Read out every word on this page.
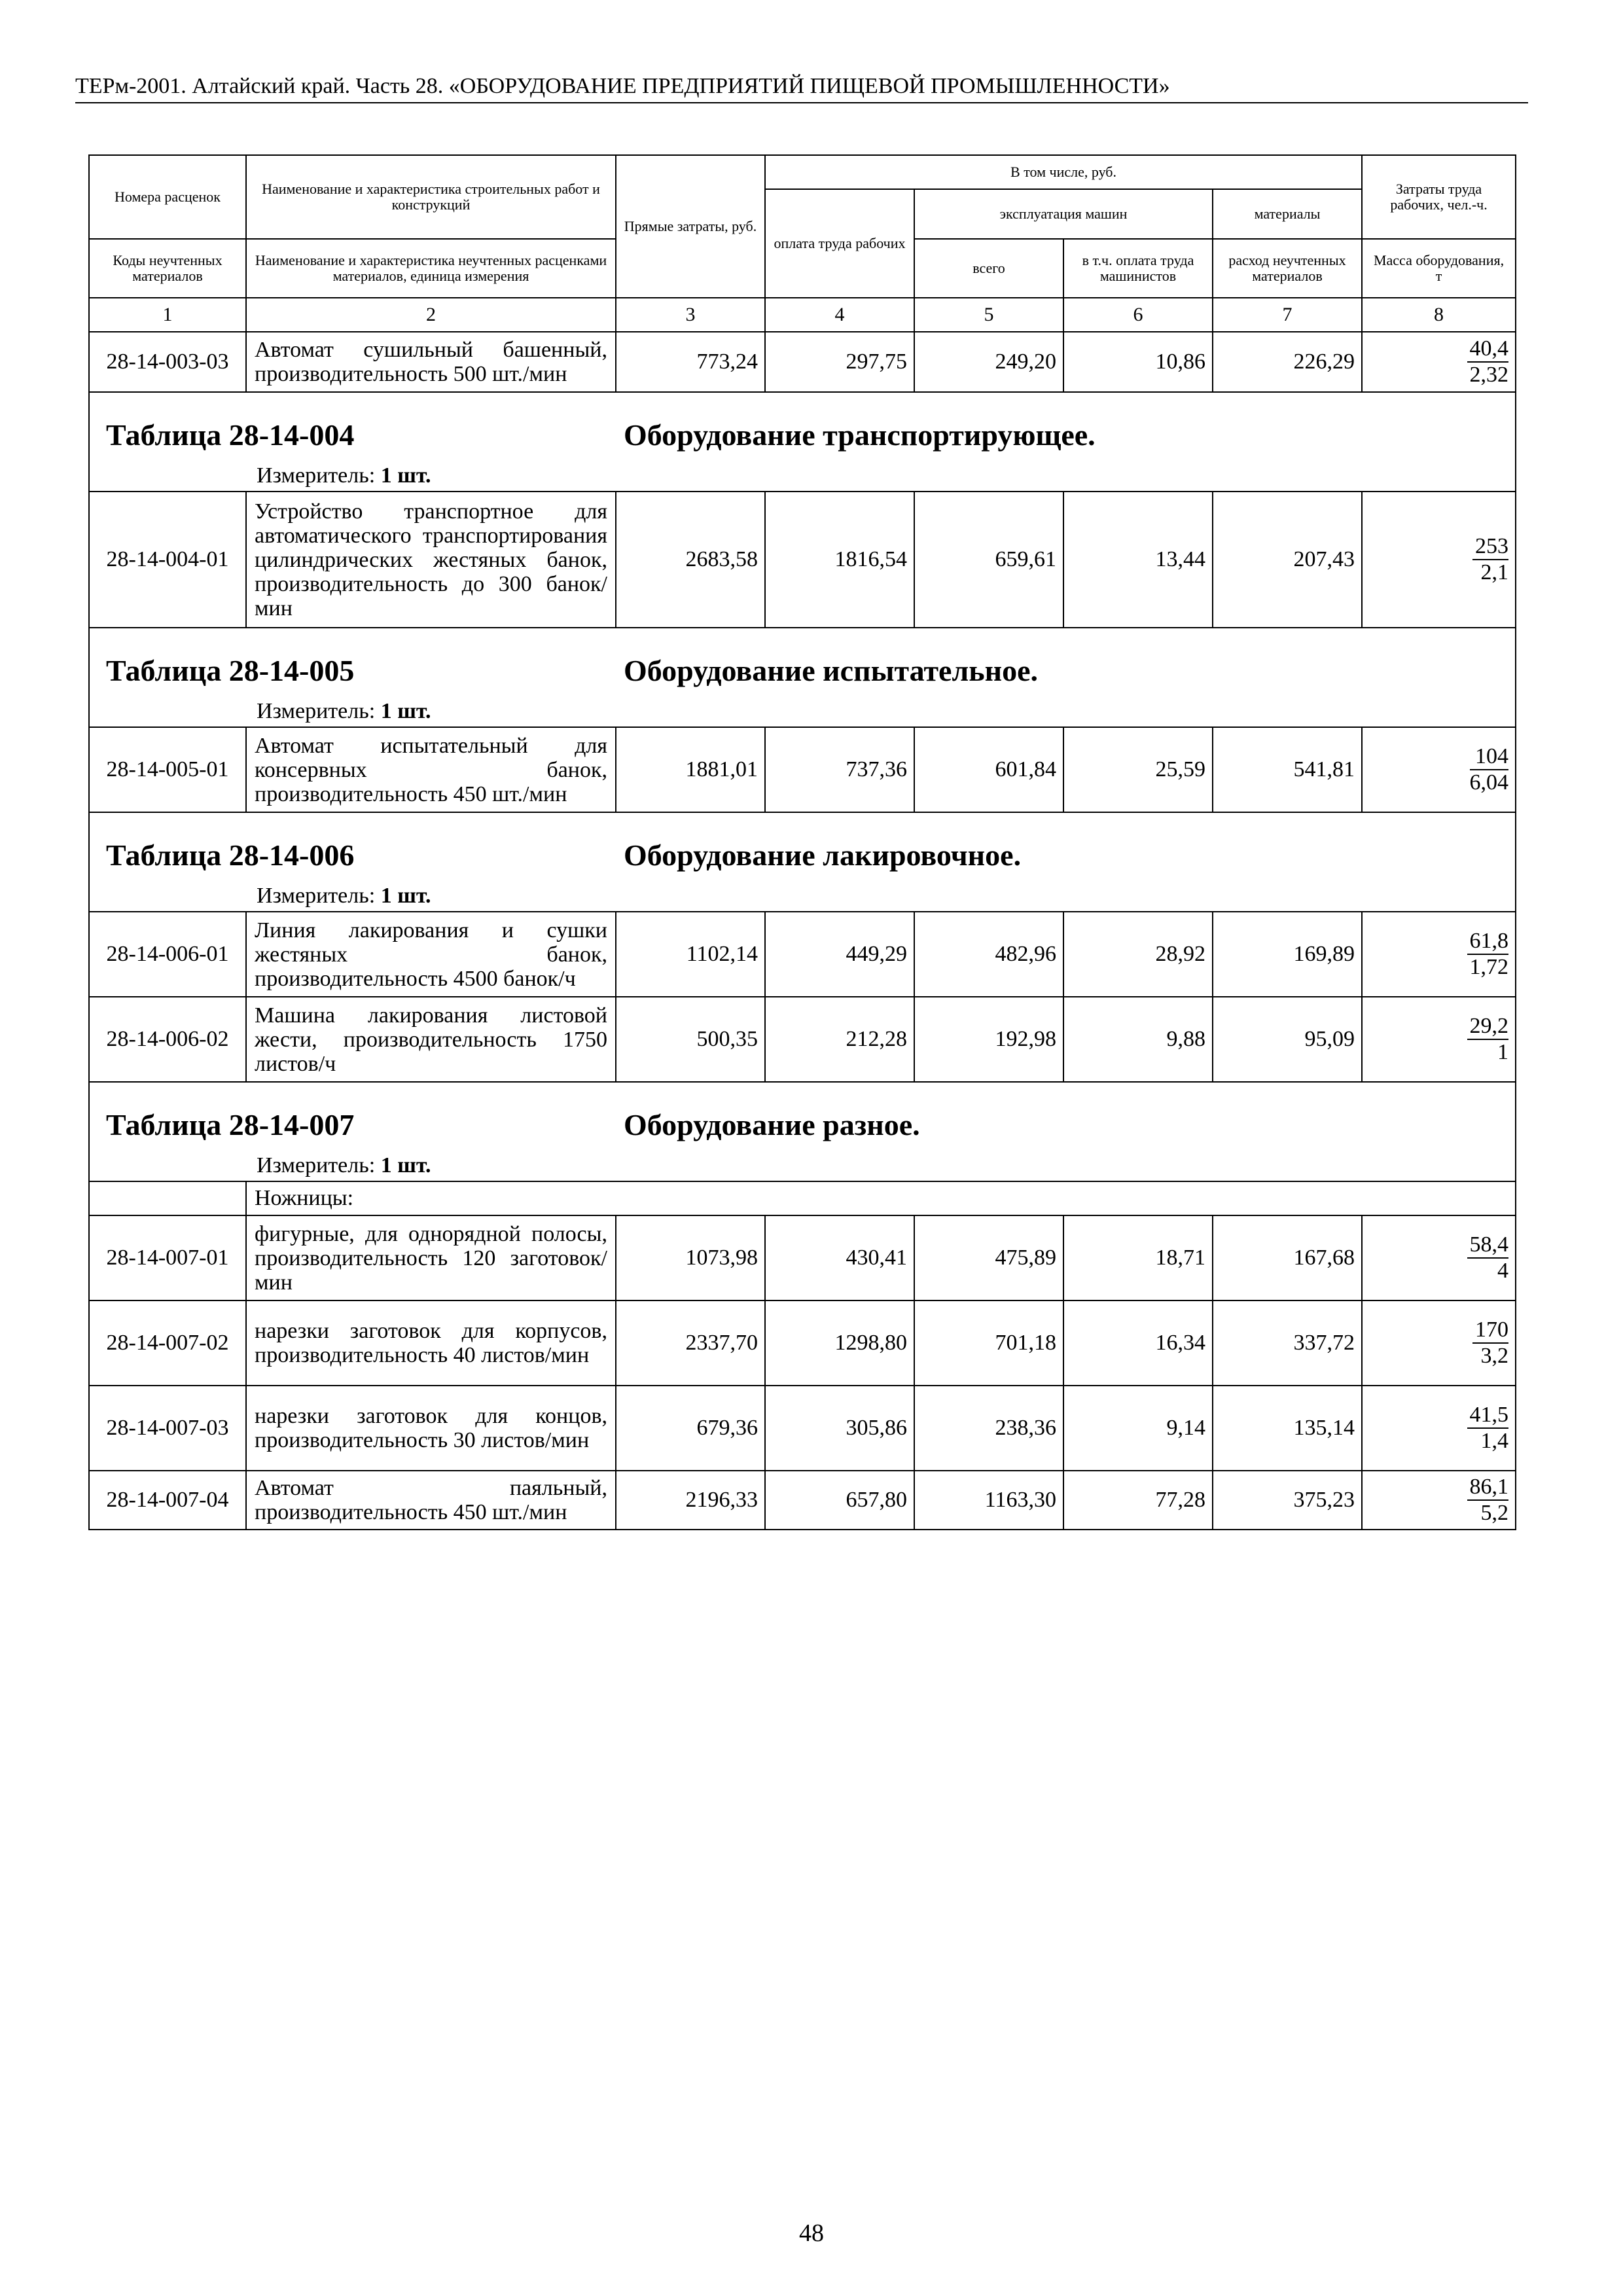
ТЕРм-2001. Алтайский край. Часть 28. «ОБОРУДОВАНИЕ ПРЕДПРИЯТИЙ ПИЩЕВОЙ ПРОМЫШЛЕННОСТИ»
Номера расценок	Наименование и характеристика строительных работ и конструкций	Прямые затраты, руб.	В том числе, руб.				Затраты труда рабочих, чел.-ч.
			оплата труда рабочих	эксплуатация машин		материалы	

Коды неучтенных материалов	Наименование и характеристика неучтенных расценками материалов, единица измерения			всего	в т.ч. оплата труда машинистов	расход неучтенных материалов	Масса оборудования, т

1	2	3	4	5	6	7	8
28-14-003-03	Автомат сушильный башенный, производительность 500 шт./мин	773,24	297,75	249,20	10,86	226,29	$\frac{40,4}{2,32}$

Таблица 28-14-004 Оборудование транспортирующее.
Измеритель: 1 шт.							

28-14-004-01	Устройство транспортное для автоматического транспортирования цилиндрических жестяных банок, производительность до 300 банок/мин	2683,58	1816,54	659,61	13,44	207,43	$\frac{253}{2,1}$

Таблица 28-14-005 Оборудование испытательное.
Измеритель: 1 шт.							

28-14-005-01	Автомат испытательный для консервных банок, производительность 450 шт./мин	1881,01	737,36	601,84	25,59	541,81	$\frac{104}{6,04}$

Таблица 28-14-006 Оборудование лакировочное.
Измеритель: 1 шт.							

28-14-006-01	Линия лакирования и сушки жестяных банок, производительность 4500 банок/ч	1102,14	449,29	482,96	28,92	169,89	$\frac{61,8}{1,72}$

28-14-006-02	Машина лакирования листовой жести, производительность 1750 листов/ч	500,35	212,28	192,98	9,88	95,09	$\frac{29,2}{1}$

Таблица 28-14-007 Оборудование разное.
Измеритель: 1 шт.							

	Ножницы:						
28-14-007-01	фигурные, для однорядной полосы, производительность 120 заготовок/мин	1073,98	430,41	475,89	18,71	167,68	$\frac{58,4}{4}$

28-14-007-02	нарезки заготовок для корпусов, производительность 40 листов/мин	2337,70	1298,80	701,18	16,34	337,72	$\frac{170}{3,2}$

28-14-007-03	нарезки заготовок для концов, производительность 30 листов/мин	679,36	305,86	238,36	9,14	135,14	$\frac{41,5}{1,4}$

28-14-007-04	Автомат паяльный, производительность 450 шт./мин	2196,33	657,80	1163,30	77,28	375,23	$\frac{86,1}{5,2}$
48
